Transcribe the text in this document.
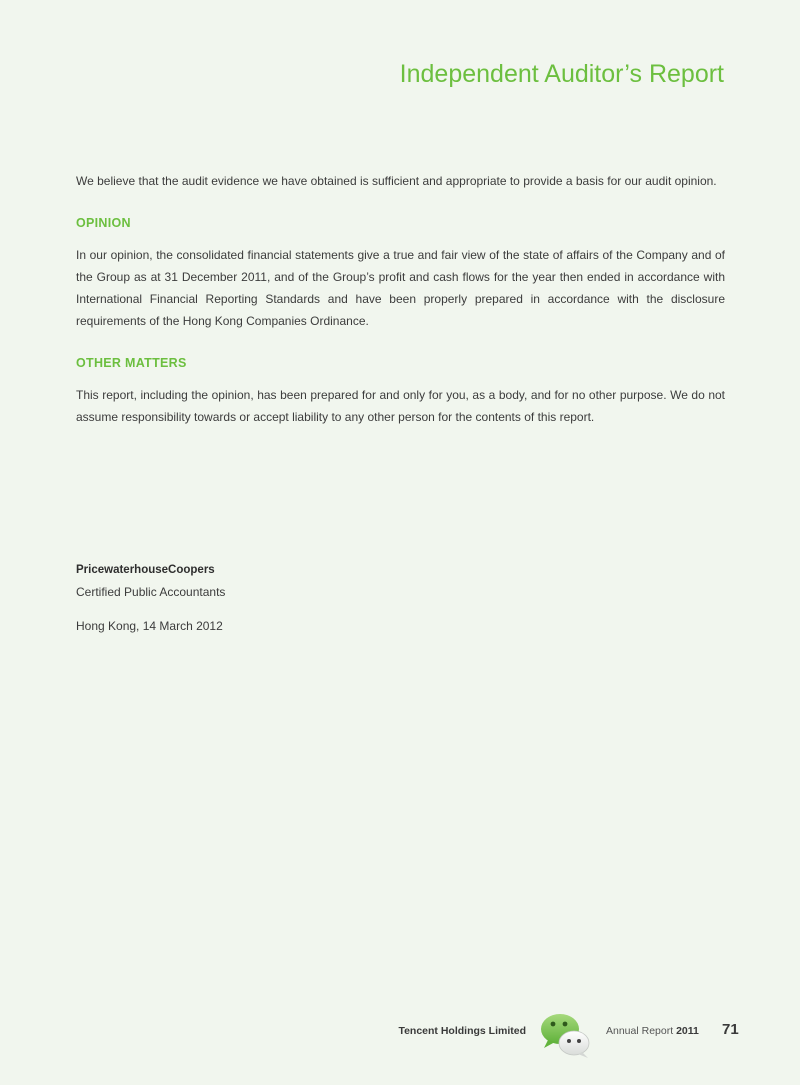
Independent Auditor’s Report

We believe that the audit evidence we have obtained is sufficient and appropriate to provide a basis for our audit opinion.

OPINION

In our opinion, the consolidated financial statements give a true and fair view of the state of affairs of the Company and of the Group as at 31 December 2011, and of the Group’s profit and cash flows for the year then ended in accordance with International Financial Reporting Standards and have been properly prepared in accordance with the disclosure requirements of the Hong Kong Companies Ordinance.

OTHER MATTERS

This report, including the opinion, has been prepared for and only for you, as a body, and for no other purpose. We do not assume responsibility towards or accept liability to any other person for the contents of this report.

PricewaterhouseCoopers
Certified Public Accountants
Hong Kong, 14 March 2012
Tencent Holdings Limited	Annual Report 2011 71
